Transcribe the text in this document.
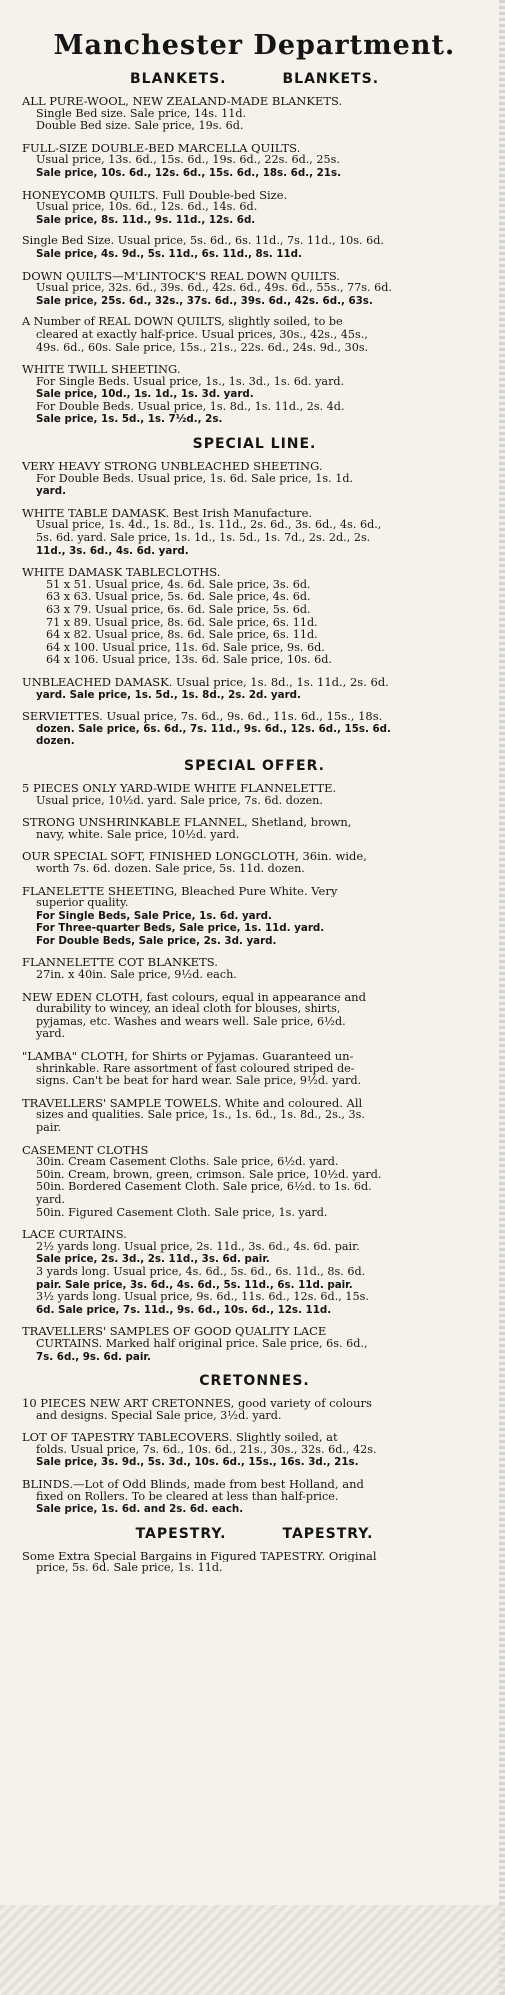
Manchester Department.
BLANKETS.	BLANKETS.
ALL PURE-WOOL, NEW ZEALAND-MADE BLANKETS.
Single Bed size. Sale price, 14s. 11d.
Double Bed size. Sale price, 19s. 6d.
FULL-SIZE DOUBLE-BED MARCELLA QUILTS.
Usual price, 13s. 6d., 15s. 6d., 19s. 6d., 22s. 6d., 25s.
Sale price, 10s. 6d., 12s. 6d., 15s. 6d., 18s. 6d., 21s.
HONEYCOMB QUILTS. Full Double-bed Size.
Usual price, 10s. 6d., 12s. 6d., 14s. 6d.
Sale price, 8s. 11d., 9s. 11d., 12s. 6d.
Single Bed Size. Usual price, 5s. 6d., 6s. 11d., 7s. 11d., 10s. 6d.
Sale price, 4s. 9d., 5s. 11d., 6s. 11d., 8s. 11d.
DOWN QUILTS—M'LINTOCK'S REAL DOWN QUILTS.
Usual price, 32s. 6d., 39s. 6d., 42s. 6d., 49s. 6d., 55s., 77s. 6d.
Sale price, 25s. 6d., 32s., 37s. 6d., 39s. 6d., 42s. 6d., 63s.
A Number of REAL DOWN QUILTS, slightly soiled, to be
cleared at exactly half-price. Usual prices, 30s., 42s., 45s.,
49s. 6d., 60s. Sale price, 15s., 21s., 22s. 6d., 24s. 9d., 30s.
WHITE TWILL SHEETING.
For Single Beds. Usual price, 1s., 1s. 3d., 1s. 6d. yard.
Sale price, 10d., 1s. 1d., 1s. 3d. yard.
For Double Beds. Usual price, 1s. 8d., 1s. 11d., 2s. 4d.
Sale price, 1s. 5d., 1s. 7½d., 2s.
SPECIAL LINE.
VERY HEAVY STRONG UNBLEACHED SHEETING.
For Double Beds. Usual price, 1s. 6d. Sale price, 1s. 1d.
yard.
WHITE TABLE DAMASK. Best Irish Manufacture.
Usual price, 1s. 4d., 1s. 8d., 1s. 11d., 2s. 6d., 3s. 6d., 4s. 6d.,
5s. 6d. yard. Sale price, 1s. 1d., 1s. 5d., 1s. 7d., 2s. 2d., 2s.
11d., 3s. 6d., 4s. 6d. yard.
WHITE DAMASK TABLECLOTHS.
51 x 51. Usual price, 4s. 6d. Sale price, 3s. 6d.
63 x 63. Usual price, 5s. 6d. Sale price, 4s. 6d.
63 x 79. Usual price, 6s. 6d. Sale price, 5s. 6d.
71 x 89. Usual price, 8s. 6d. Sale price, 6s. 11d.
64 x 82. Usual price, 8s. 6d. Sale price, 6s. 11d.
64 x 100. Usual price, 11s. 6d. Sale price, 9s. 6d.
64 x 106. Usual price, 13s. 6d. Sale price, 10s. 6d.
UNBLEACHED DAMASK. Usual price, 1s. 8d., 1s. 11d., 2s. 6d.
yard. Sale price, 1s. 5d., 1s. 8d., 2s. 2d. yard.
SERVIETTES. Usual price, 7s. 6d., 9s. 6d., 11s. 6d., 15s., 18s.
dozen. Sale price, 6s. 6d., 7s. 11d., 9s. 6d., 12s. 6d., 15s. 6d.
dozen.
SPECIAL OFFER.
5 PIECES ONLY YARD-WIDE WHITE FLANNELETTE.
Usual price, 10½d. yard. Sale price, 7s. 6d. dozen.
STRONG UNSHRINKABLE FLANNEL, Shetland, brown,
navy, white. Sale price, 10½d. yard.
OUR SPECIAL SOFT, FINISHED LONGCLOTH, 36in. wide,
worth 7s. 6d. dozen. Sale price, 5s. 11d. dozen.
FLANELETTE SHEETING, Bleached Pure White. Very
superior quality.
For Single Beds, Sale Price, 1s. 6d. yard.
For Three-quarter Beds, Sale price, 1s. 11d. yard.
For Double Beds, Sale price, 2s. 3d. yard.
FLANNELETTE COT BLANKETS.
27in. x 40in. Sale price, 9½d. each.
NEW EDEN CLOTH, fast colours, equal in appearance and
durability to wincey, an ideal cloth for blouses, shirts,
pyjamas, etc. Washes and wears well. Sale price, 6½d.
yard.
"LAMBA" CLOTH, for Shirts or Pyjamas. Guaranteed un-
shrinkable. Rare assortment of fast coloured striped de-
signs. Can't be beat for hard wear. Sale price, 9½d. yard.
TRAVELLERS' SAMPLE TOWELS. White and coloured. All
sizes and qualities. Sale price, 1s., 1s. 6d., 1s. 8d., 2s., 3s.
pair.
CASEMENT CLOTHS
30in. Cream Casement Cloths. Sale price, 6½d. yard.
50in. Cream, brown, green, crimson. Sale price, 10½d. yard.
50in. Bordered Casement Cloth. Sale price, 6½d. to 1s. 6d.
yard.
50in. Figured Casement Cloth. Sale price, 1s. yard.
LACE CURTAINS.
2½ yards long. Usual price, 2s. 11d., 3s. 6d., 4s. 6d. pair.
Sale price, 2s. 3d., 2s. 11d., 3s. 6d. pair.
3 yards long. Usual price, 4s. 6d., 5s. 6d., 6s. 11d., 8s. 6d.
pair. Sale price, 3s. 6d., 4s. 6d., 5s. 11d., 6s. 11d. pair.
3½ yards long. Usual price, 9s. 6d., 11s. 6d., 12s. 6d., 15s.
6d. Sale price, 7s. 11d., 9s. 6d., 10s. 6d., 12s. 11d.
TRAVELLERS' SAMPLES OF GOOD QUALITY LACE
CURTAINS. Marked half original price. Sale price, 6s. 6d.,
7s. 6d., 9s. 6d. pair.
CRETONNES.
10 PIECES NEW ART CRETONNES, good variety of colours
and designs. Special Sale price, 3½d. yard.
LOT OF TAPESTRY TABLECOVERS. Slightly soiled, at
folds. Usual price, 7s. 6d., 10s. 6d., 21s., 30s., 32s. 6d., 42s.
Sale price, 3s. 9d., 5s. 3d., 10s. 6d., 15s., 16s. 3d., 21s.
BLINDS.—Lot of Odd Blinds, made from best Holland, and
fixed on Rollers. To be cleared at less than half-price.
Sale price, 1s. 6d. and 2s. 6d. each.
TAPESTRY.	TAPESTRY.
Some Extra Special Bargains in Figured TAPESTRY. Original
price, 5s. 6d. Sale price, 1s. 11d.
